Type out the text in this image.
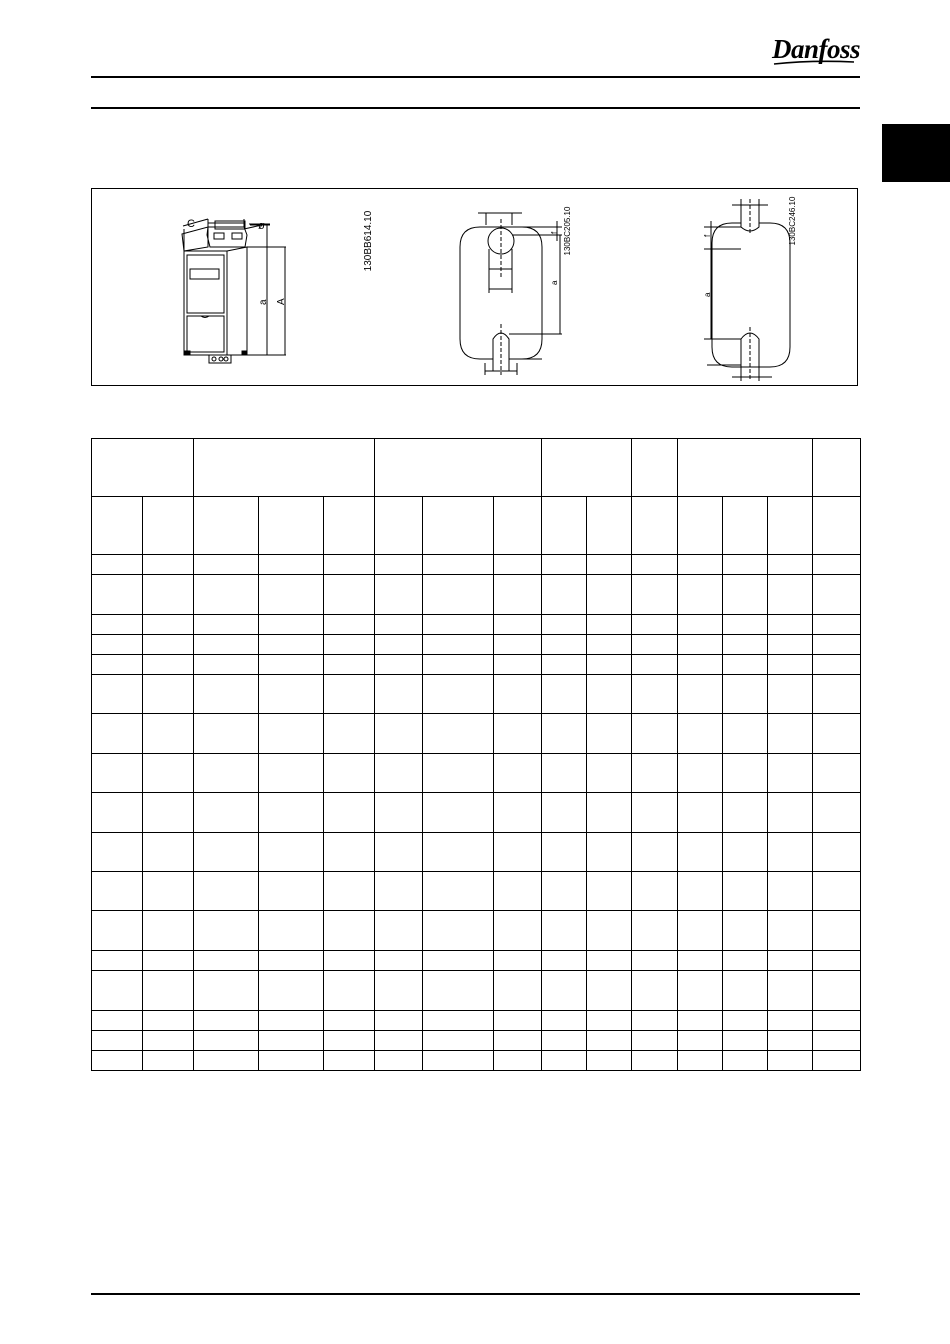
Danfoss
ø
C
a A
130BB614.10	f
a
130BC205.10	f
a
130BC246.10
